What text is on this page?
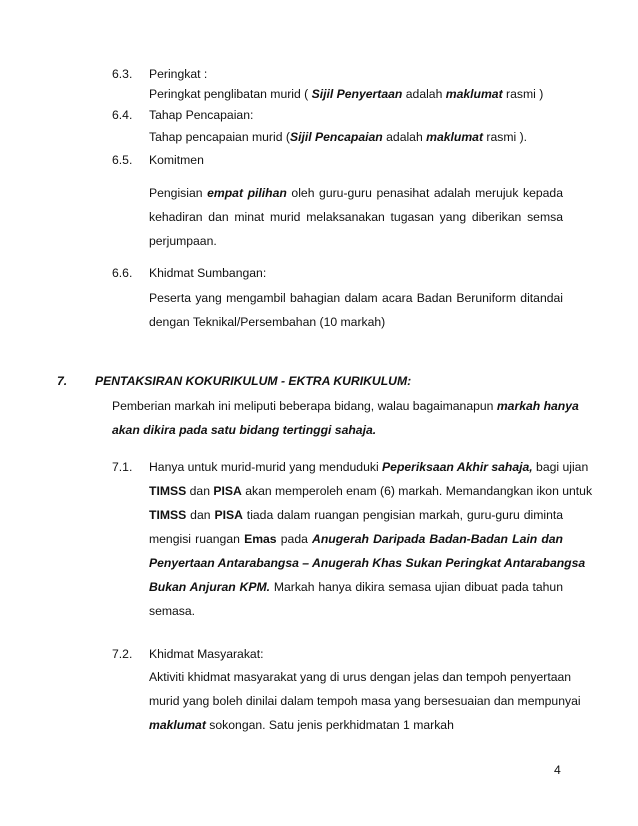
6.3. Peringkat :
Peringkat penglibatan murid ( Sijil Penyertaan adalah maklumat rasmi )
6.4. Tahap Pencapaian:
Tahap pencapaian murid (Sijil Pencapaian adalah maklumat rasmi ).
6.5. Komitmen
Pengisian empat pilihan oleh guru-guru penasihat adalah merujuk kepada
kehadiran dan minat murid melaksanakan tugasan yang diberikan semsa
perjumpaan.
6.6. Khidmat Sumbangan:
Peserta yang mengambil bahagian dalam acara Badan Beruniform ditandai
dengan Teknikal/Persembahan (10 markah)
7. PENTAKSIRAN KOKURIKULUM - EKTRA KURIKULUM:
Pemberian markah ini meliputi beberapa bidang, walau bagaimanapun markah hanya
akan dikira pada satu bidang tertinggi sahaja.
7.1. Hanya untuk murid-murid yang menduduki Peperiksaan Akhir sahaja, bagi ujian
TIMSS dan PISA akan memperoleh enam (6) markah. Memandangkan ikon untuk
TIMSS dan PISA tiada dalam ruangan pengisian markah, guru-guru diminta
mengisi ruangan Emas pada Anugerah Daripada Badan-Badan Lain dan
Penyertaan Antarabangsa – Anugerah Khas Sukan Peringkat Antarabangsa
Bukan Anjuran KPM. Markah hanya dikira semasa ujian dibuat pada tahun
semasa.
7.2. Khidmat Masyarakat:
Aktiviti khidmat masyarakat yang di urus dengan jelas dan tempoh penyertaan
murid yang boleh dinilai dalam tempoh masa yang bersesuaian dan mempunyai
maklumat sokongan. Satu jenis perkhidmatan 1 markah
4
